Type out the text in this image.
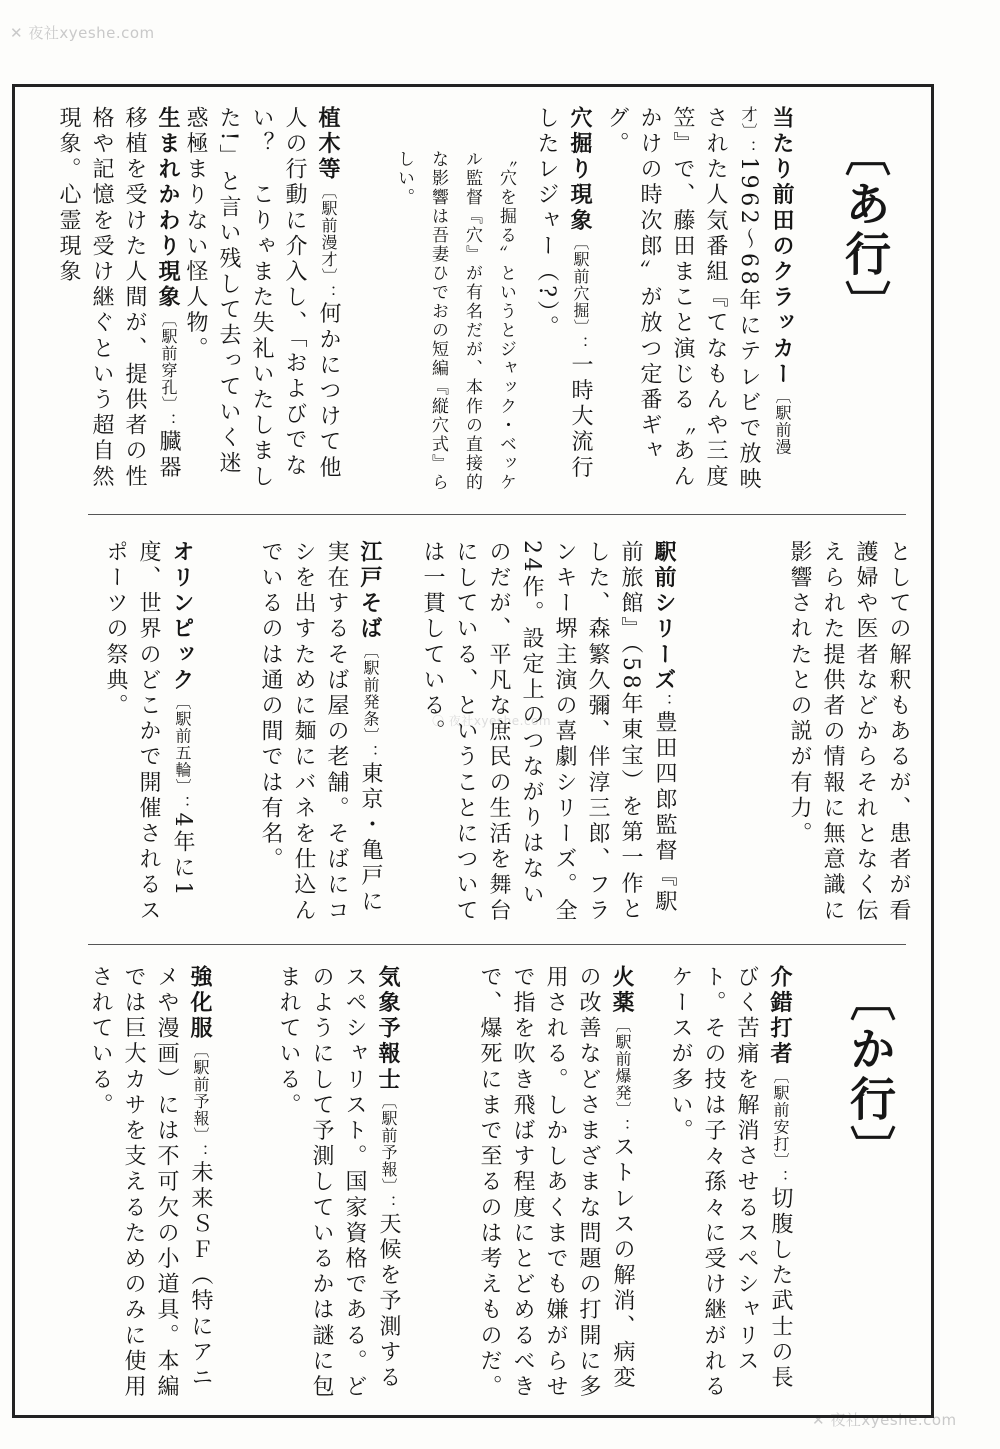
✕ 夜社xyeshe.com
〇 夜社xyeshe.com
✕ 夜社xyeshe.com
〔あ行〕
〔か行〕

当たり前田のクラッカー〔駅前漫才〕：1962～68年にテレビで放映された人気番組『てなもんや三度笠』で、藤田まこと演じる〝あんかけの時次郎〟が放つ定番ギャグ。

穴掘り現象〔駅前穴掘〕：一時大流行したレジャー（?）。

〝穴を掘る〟というとジャック・ベッケル監督『穴』が有名だが、本作の直接的な影響は吾妻ひでおの短編『縦穴式』らしい。

植木等〔駅前漫才〕：何かにつけて他人の行動に介入し、「およびでない？　こりゃまた失礼いたしました!」と言い残して去っていく迷惑極まりない怪人物。

生まれかわり現象〔駅前穿孔〕：臓器移植を受けた人間が、提供者の性格や記憶を受け継ぐという超自然現象。心霊現象

としての解釈もあるが、患者が看護婦や医者などからそれとなく伝えられた提供者の情報に無意識に影響されたとの説が有力。

駅前シリーズ：豊田四郎監督『駅前旅館』（58年東宝）を第一作とした、森繁久彌、伴淳三郎、フランキー堺主演の喜劇シリーズ。全24作。設定上のつながりはないのだが、平凡な庶民の生活を舞台にしている、ということについては一貫している。

江戸そば〔駅前発条〕：東京・亀戸に実在するそば屋の老舗。そばにコシを出すために麺にバネを仕込んでいるのは通の間では有名。

オリンピック〔駅前五輪〕：4年に1度、世界のどこかで開催されるスポーツの祭典。

介錯打者〔駅前安打〕：切腹した武士の長びく苦痛を解消させるスペシャリスト。その技は子々孫々に受け継がれるケースが多い。

火薬〔駅前爆発〕：ストレスの解消、病変の改善などさまざまな問題の打開に多用される。しかしあくまでも嫌がらせで指を吹き飛ばす程度にとどめるべきで、爆死にまで至るのは考えものだ。

気象予報士〔駅前予報〕：天候を予測するスペシャリスト。国家資格である。どのようにして予測しているかは謎に包まれている。

強化服〔駅前予報〕：未来ＳＦ（特にアニメや漫画）には不可欠の小道具。本編では巨大カサを支えるためのみに使用されている。
